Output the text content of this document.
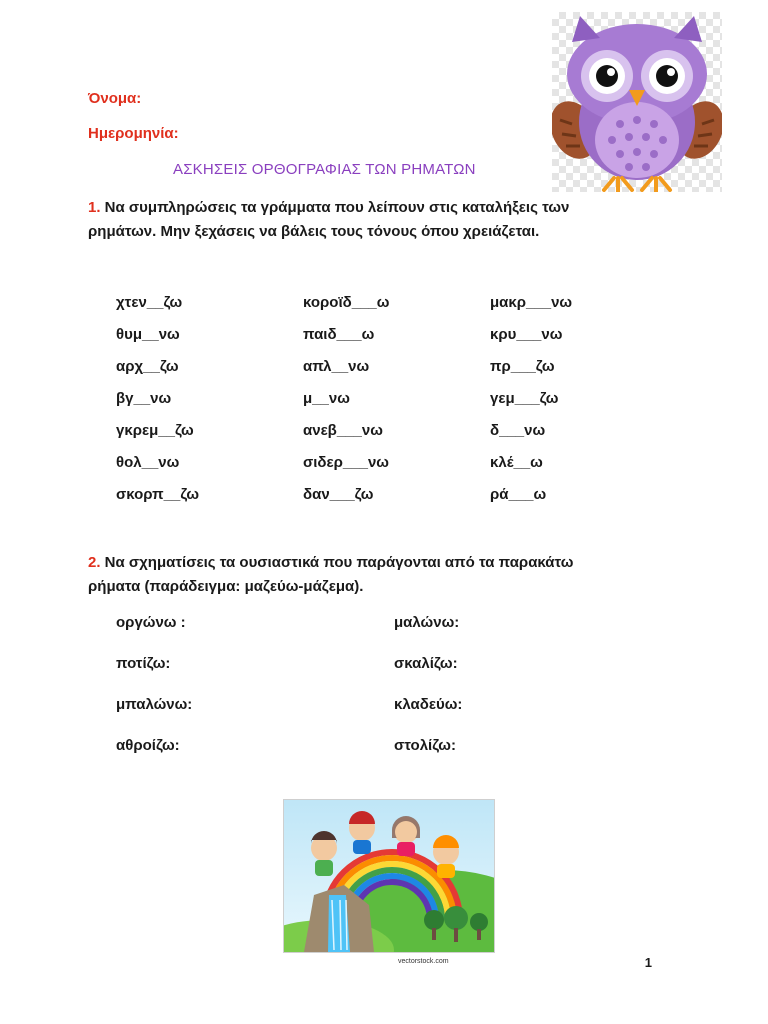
Όνομα:
Ημερομηνία:
ΑΣΚΗΣΕΙΣ ΟΡΘΟΓΡΑΦΙΑΣ ΤΩΝ ΡΗΜΑΤΩΝ
1. Να συμπληρώσεις τα γράμματα που λείπουν στις καταλήξεις των
ρημάτων. Μην ξεχάσεις να βάλεις τους τόνους όπου χρειάζεται.
χτεν__ζω
θυμ__νω
αρχ__ζω
βγ__νω
γκρεμ__ζω
θολ__νω
σκορπ__ζω
κοροϊδ___ω
παιδ___ω
απλ__νω
μ__νω
ανεβ___νω
σιδερ___νω
δαν___ζω
μακρ___νω
κρυ___νω
πρ___ζω
γεμ___ζω
δ___νω
κλέ__ω
ρά___ω
2. Να σχηματίσεις τα ουσιαστικά που παράγονται από τα παρακάτω
ρήματα (παράδειγμα: μαζεύω-μάζεμα).
οργώνω :
ποτίζω:
μπαλώνω:
αθροίζω:
μαλώνω:
σκαλίζω:
κλαδεύω:
στολίζω:
vectorstock.com	1
